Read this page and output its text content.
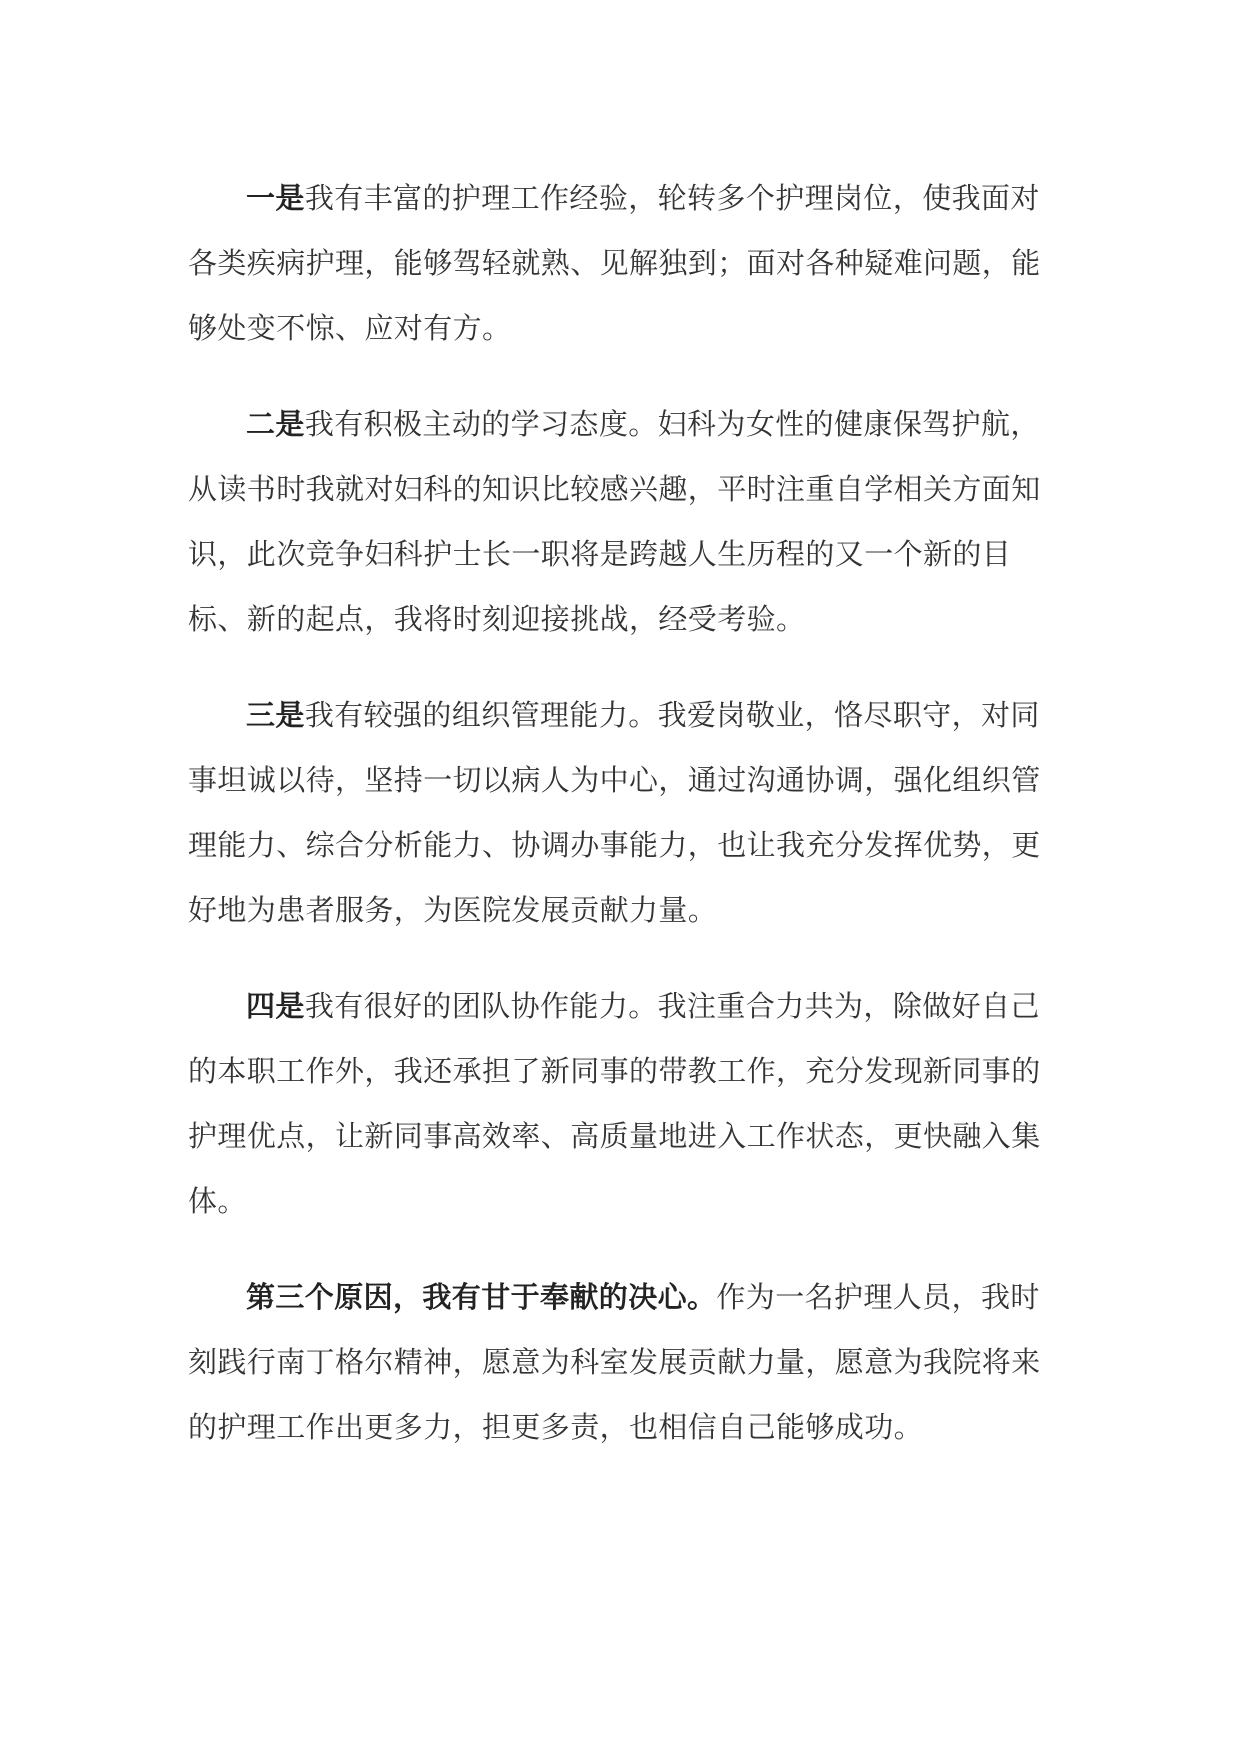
一是我有丰富的护理工作经验，轮转多个护理岗位，使我面对各类疾病护理，能够驾轻就熟、见解独到；面对各种疑难问题，能够处变不惊、应对有方。

二是我有积极主动的学习态度。妇科为女性的健康保驾护航，从读书时我就对妇科的知识比较感兴趣，平时注重自学相关方面知识，此次竞争妇科护士长一职将是跨越人生历程的又一个新的目标、新的起点，我将时刻迎接挑战，经受考验。

三是我有较强的组织管理能力。我爱岗敬业，恪尽职守，对同事坦诚以待，坚持一切以病人为中心，通过沟通协调，强化组织管理能力、综合分析能力、协调办事能力，也让我充分发挥优势，更好地为患者服务，为医院发展贡献力量。

四是我有很好的团队协作能力。我注重合力共为，除做好自己的本职工作外，我还承担了新同事的带教工作，充分发现新同事的护理优点，让新同事高效率、高质量地进入工作状态，更快融入集体。

第三个原因，我有甘于奉献的决心。作为一名护理人员，我时刻践行南丁格尔精神，愿意为科室发展贡献力量，愿意为我院将来的护理工作出更多力，担更多责，也相信自己能够成功。
